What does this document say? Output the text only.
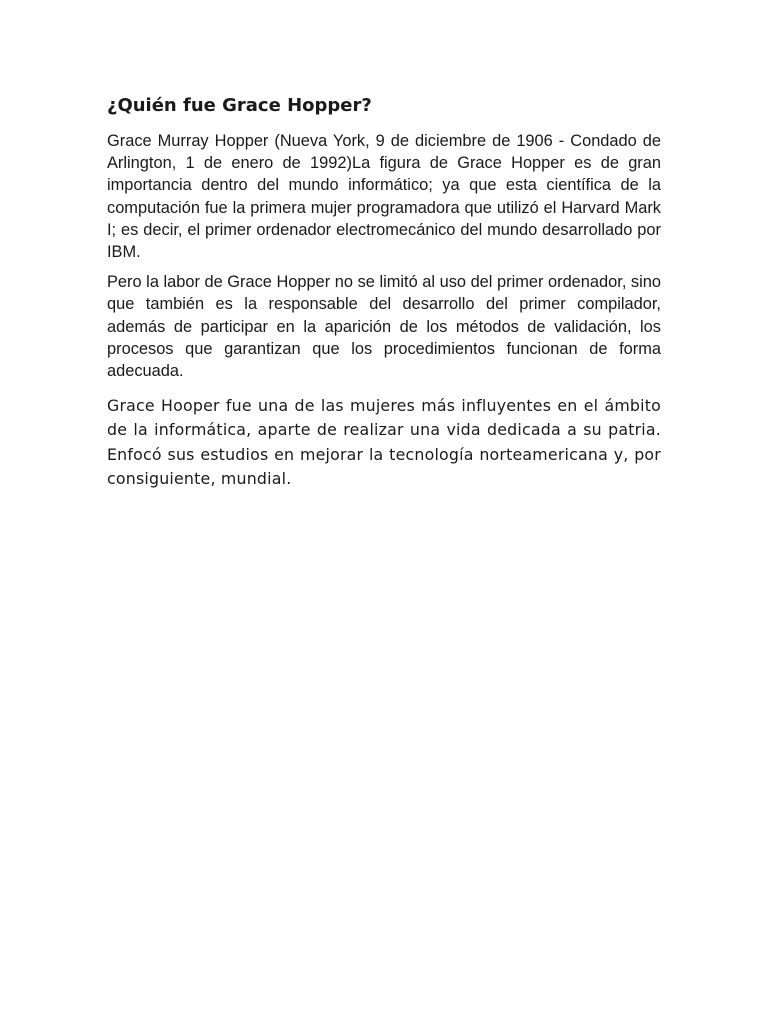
¿Quién fue Grace Hopper?

Grace Murray Hopper (Nueva York, 9 de diciembre de 1906 - Condado de Arlington, 1 de enero de 1992)La figura de Grace Hopper es de gran importancia dentro del mundo informático; ya que esta científica de la computación fue la primera mujer programadora que utilizó el Harvard Mark I; es decir, el primer ordenador electromecánico del mundo desarrollado por IBM.

Pero la labor de Grace Hopper no se limitó al uso del primer ordenador, sino que también es la responsable del desarrollo del primer compilador, además de participar en la aparición de los métodos de validación, los procesos que garantizan que los procedimientos funcionan de forma adecuada.

Grace Hooper fue una de las mujeres más influyentes en el ámbito de la informática, aparte de realizar una vida dedicada a su patria. Enfocó sus estudios en mejorar la tecnología norteamericana y, por consiguiente, mundial.
